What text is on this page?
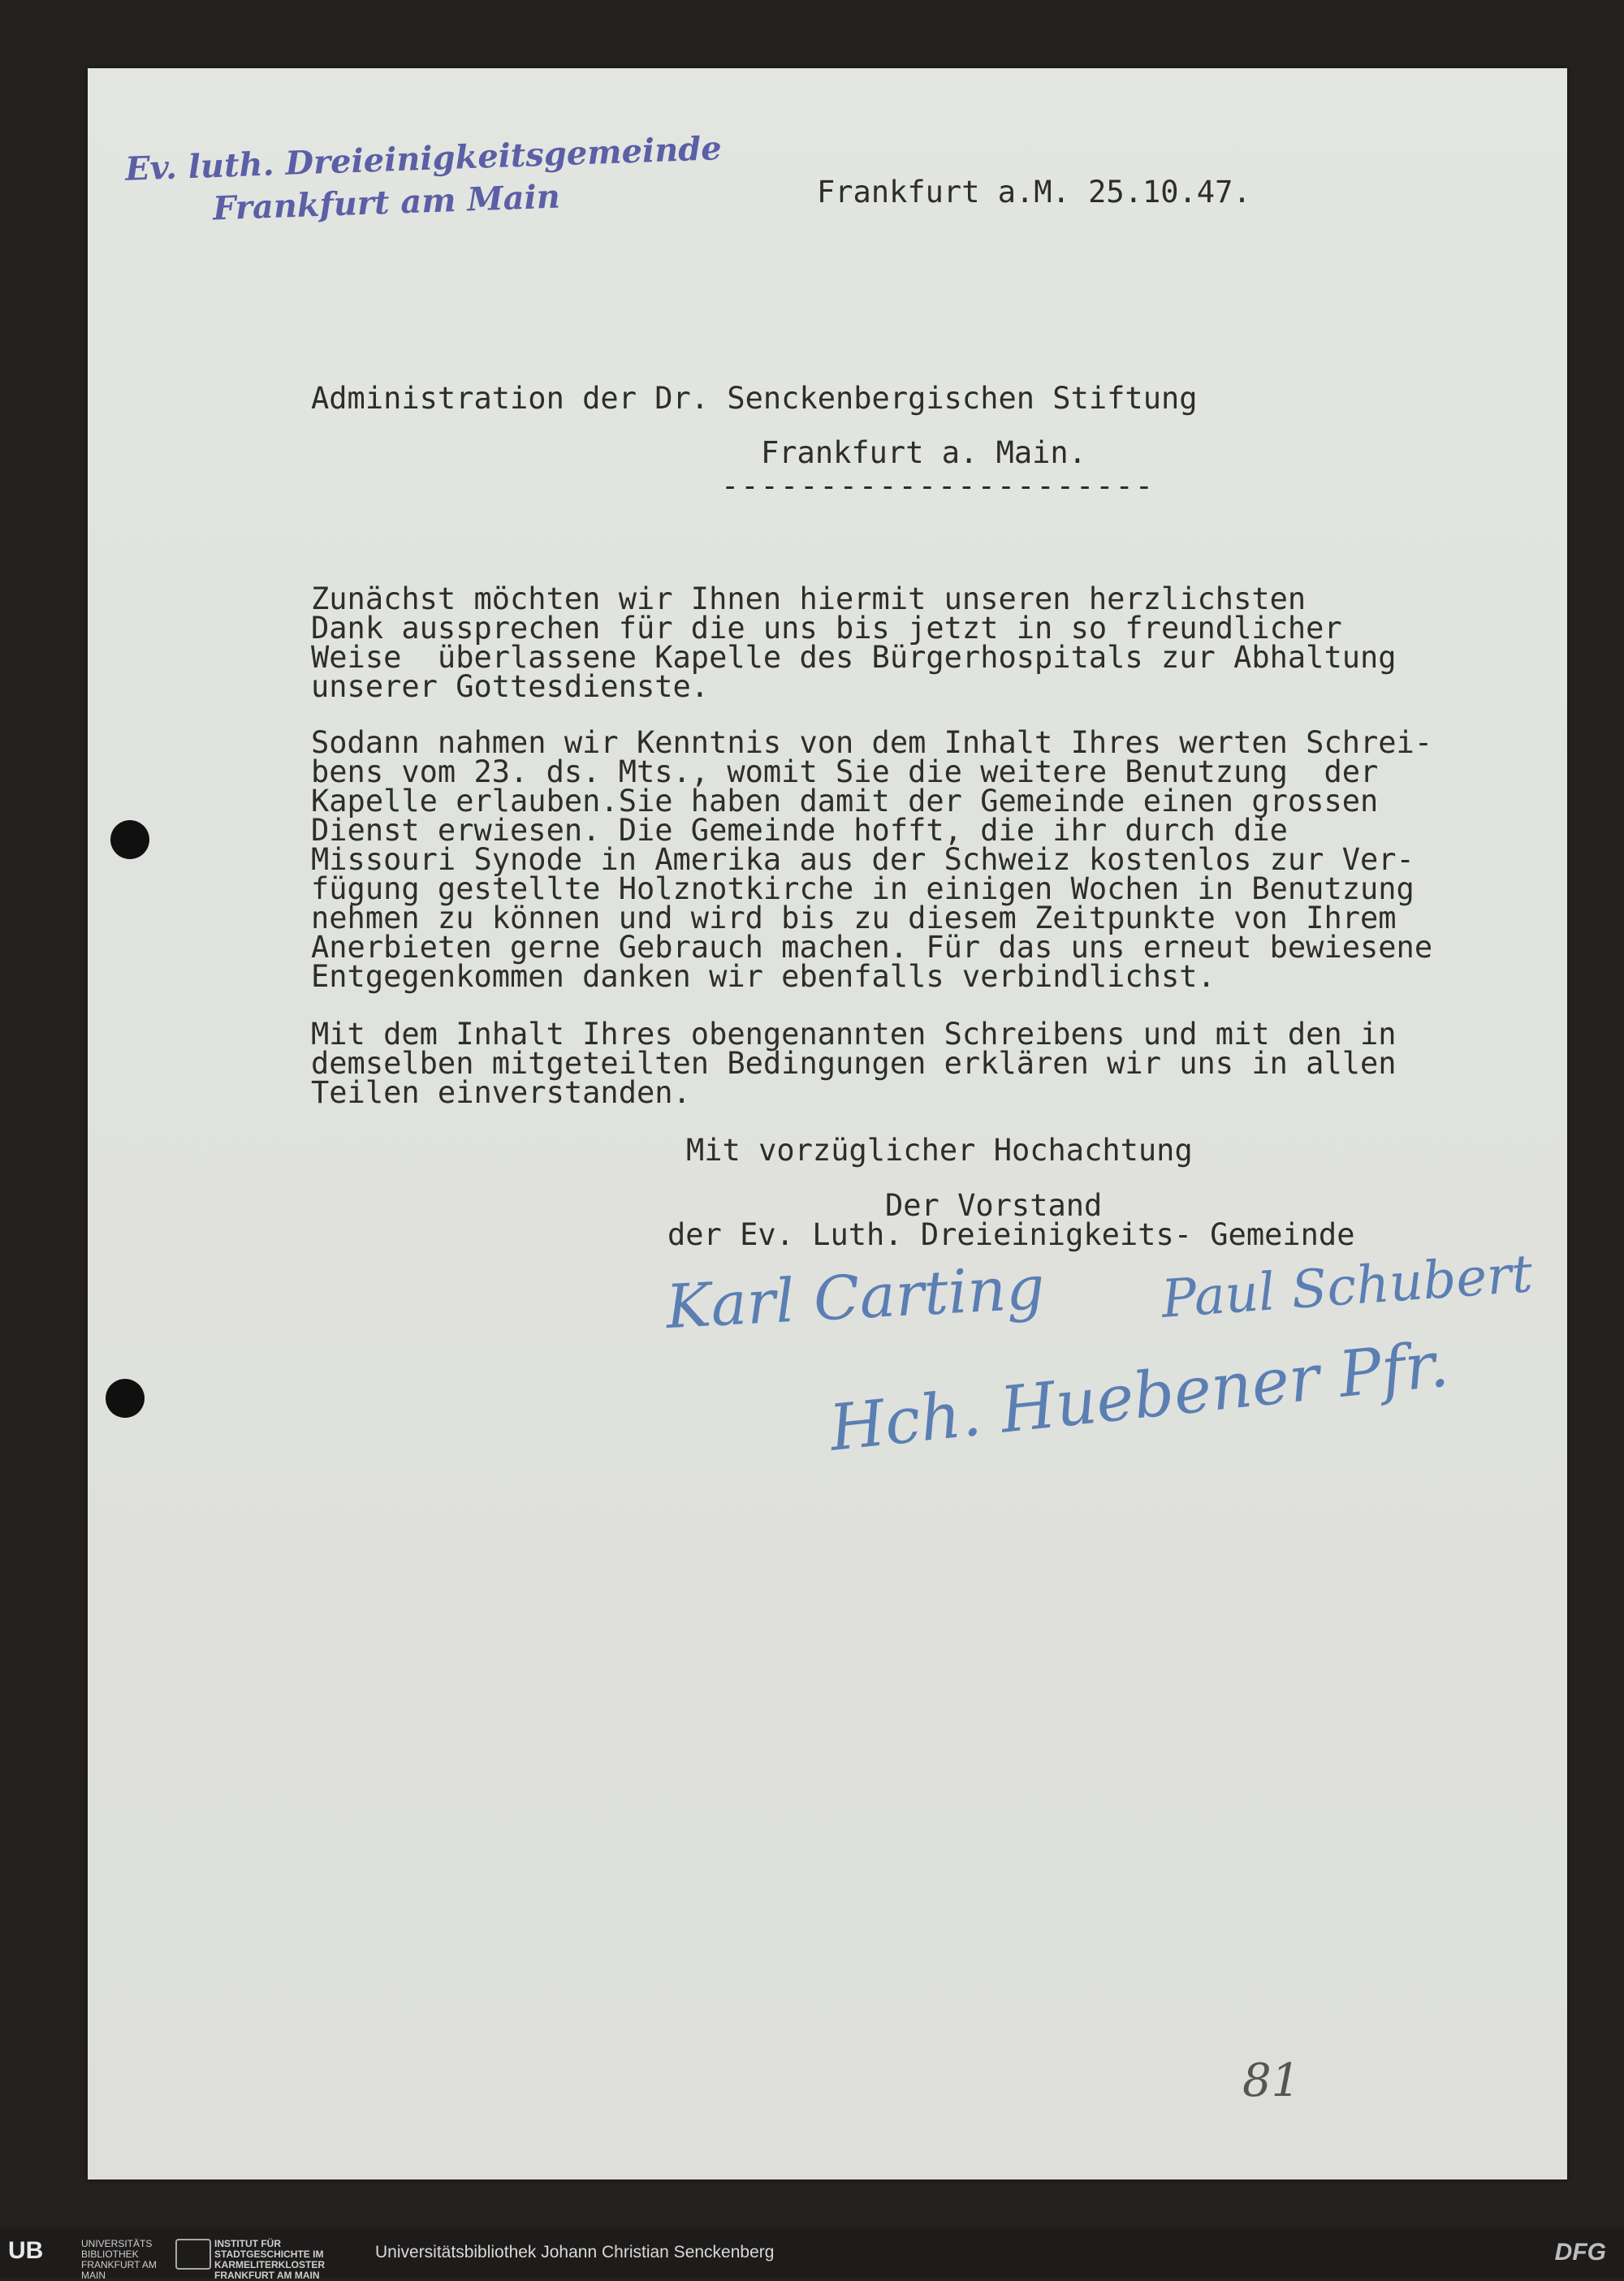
Ev. luth. Dreieinigkeitsgemeinde
Frankfurt am Main	Frankfurt a.M. 25.10.47.
Administration der Dr. Senckenbergischen Stiftung
Frankfurt a. Main.
----------------------
Zunächst möchten wir Ihnen hiermit unseren herzlichsten
Dank aussprechen für die uns bis jetzt in so freundlicher
Weise  überlassene Kapelle des Bürgerhospitals zur Abhaltung
unserer Gottesdienste.
Sodann nahmen wir Kenntnis von dem Inhalt Ihres werten Schrei-
bens vom 23. ds. Mts., womit Sie die weitere Benutzung  der
Kapelle erlauben.Sie haben damit der Gemeinde einen grossen
Dienst erwiesen. Die Gemeinde hofft, die ihr durch die
Missouri Synode in Amerika aus der Schweiz kostenlos zur Ver-
fügung gestellte Holznotkirche in einigen Wochen in Benutzung
nehmen zu können und wird bis zu diesem Zeitpunkte von Ihrem
Anerbieten gerne Gebrauch machen. Für das uns erneut bewiesene
Entgegenkommen danken wir ebenfalls verbindlichst.
Mit dem Inhalt Ihres obengenannten Schreibens und mit den in
demselben mitgeteilten Bedingungen erklären wir uns in allen
Teilen einverstanden.
Mit vorzüglicher Hochachtung
Der Vorstand
der Ev. Luth. Dreieinigkeits- Gemeinde
Karl Carting Paul Schubert
Hch. Huebener Pfr.
81
UB	UNIVERSITÄTS BIBLIOTHEK FRANKFURT AM MAIN
INSTITUT FÜR STADTGESCHICHTE IM KARMELITERKLOSTER FRANKFURT AM MAIN
Universitätsbibliothek Johann Christian Senckenberg	DFG
